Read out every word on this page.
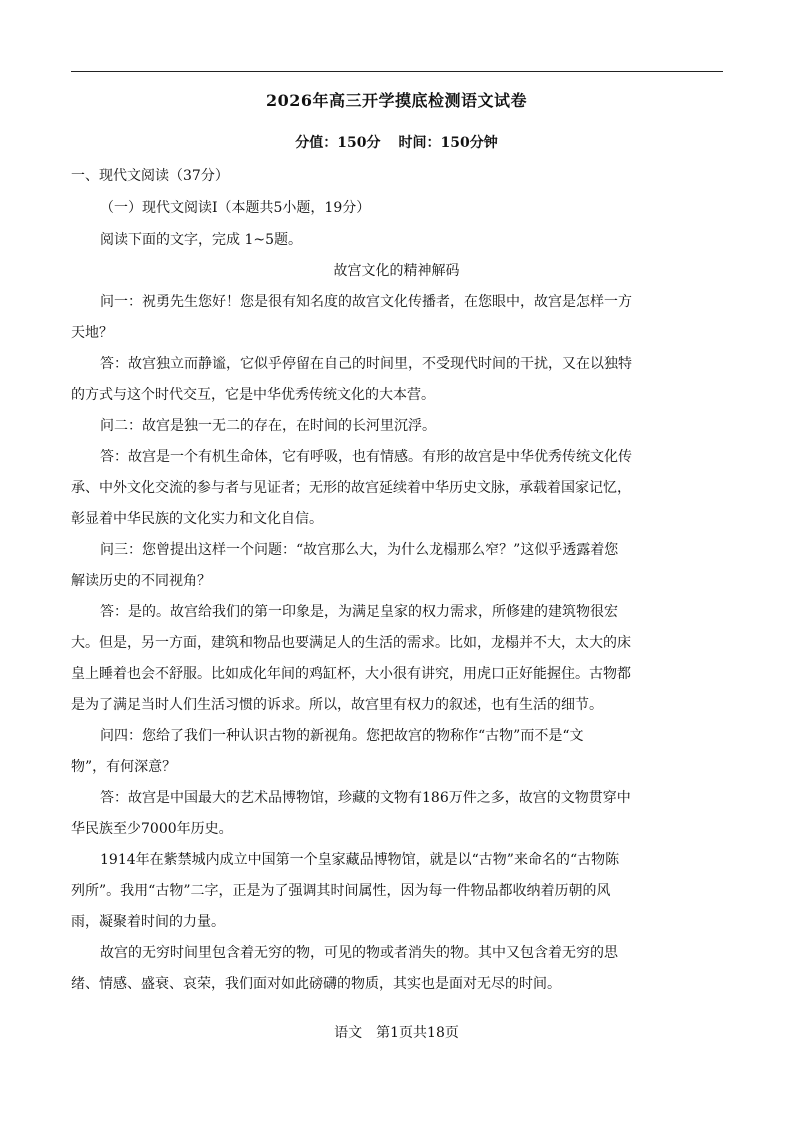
2026年高三开学摸底检测语文试卷
分值：150分 时间：150分钟
一、现代文阅读（37分）
（一）现代文阅读Ⅰ（本题共5小题，19分）
阅读下面的文字，完成 1~5题。
故宫文化的精神解码
问一：祝勇先生您好！您是很有知名度的故宫文化传播者，在您眼中，故宫是怎样一方
天地？
答：故宫独立而静谧，它似乎停留在自己的时间里，不受现代时间的干扰，又在以独特
的方式与这个时代交互，它是中华优秀传统文化的大本营。
问二：故宫是独一无二的存在，在时间的长河里沉浮。
答：故宫是一个有机生命体，它有呼吸，也有情感。有形的故宫是中华优秀传统文化传
承、中外文化交流的参与者与见证者；无形的故宫延续着中华历史文脉，承载着国家记忆，
彰显着中华民族的文化实力和文化自信。
问三：您曾提出这样一个问题：“故宫那么大，为什么龙榻那么窄？”这似乎透露着您
解读历史的不同视角？
答：是的。故宫给我们的第一印象是，为满足皇家的权力需求，所修建的建筑物很宏
大。但是，另一方面，建筑和物品也要满足人的生活的需求。比如，龙榻并不大，太大的床
皇上睡着也会不舒服。比如成化年间的鸡缸杯，大小很有讲究，用虎口正好能握住。古物都
是为了满足当时人们生活习惯的诉求。所以，故宫里有权力的叙述，也有生活的细节。
问四：您给了我们一种认识古物的新视角。您把故宫的物称作“古物”而不是“文
物”，有何深意？
答：故宫是中国最大的艺术品博物馆，珍藏的文物有186万件之多，故宫的文物贯穿中
华民族至少7000年历史。
1914年在紫禁城内成立中国第一个皇家藏品博物馆，就是以“古物”来命名的“古物陈
列所”。我用“古物”二字，正是为了强调其时间属性，因为每一件物品都收纳着历朝的风
雨，凝聚着时间的力量。
故宫的无穷时间里包含着无穷的物，可见的物或者消失的物。其中又包含着无穷的思
绪、情感、盛衰、哀荣，我们面对如此磅礴的物质，其实也是面对无尽的时间。
语文　第1页共18页
